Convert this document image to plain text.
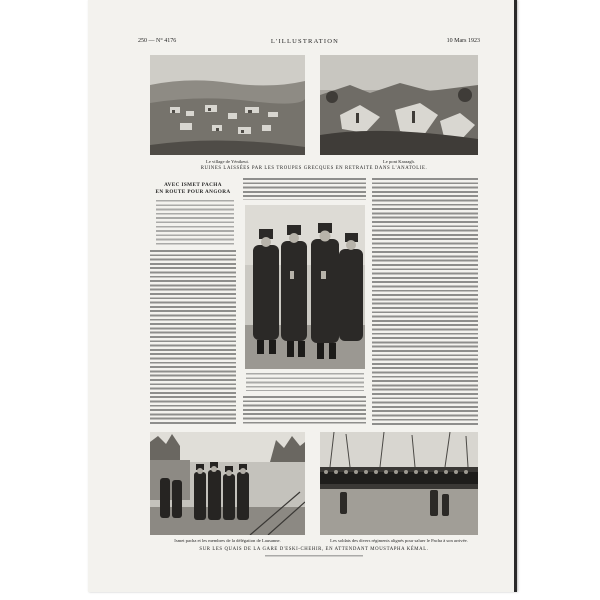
250 — N° 4176	L'ILLUSTRATION	10 Mars 1923
Le village de Yénikeui.	Le pont Karaagh.
RUINES LAISSÉES PAR LES TROUPES GRECQUES EN RETRAITE DANS L'ANATOLIE.
AVEC ISMET PACHA
EN ROUTE POUR ANGORA
Ismet pacha et les membres de la délégation de Lausanne.	Les soldats des divers régiments alignés pour saluer le Pacha à son arrivée.
SUR LES QUAIS DE LA GARE D'ESKI-CHEHIR, EN ATTENDANT MOUSTAPHA KÉMAL.
